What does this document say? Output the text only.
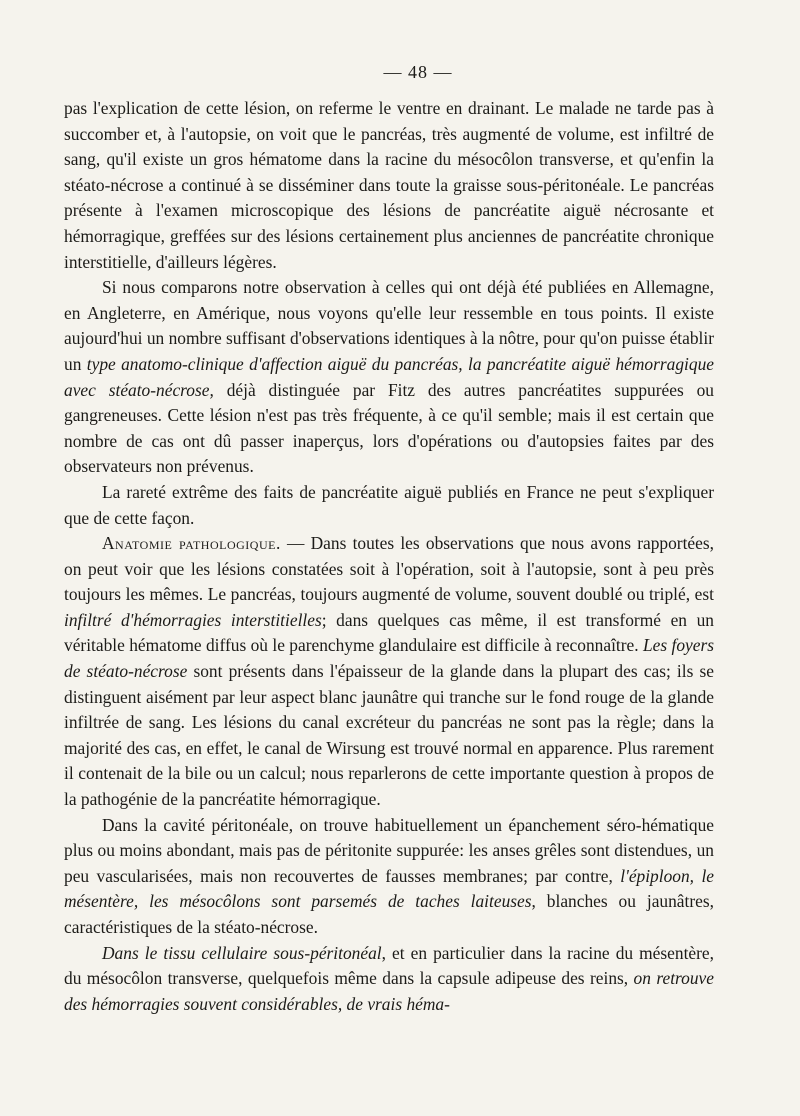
— 48 —

pas l'explication de cette lésion, on referme le ventre en drainant. Le malade ne tarde pas à succomber et, à l'autopsie, on voit que le pancréas, très augmenté de volume, est infiltré de sang, qu'il existe un gros hématome dans la racine du mésocôlon transverse, et qu'enfin la stéato-nécrose a continué à se disséminer dans toute la graisse sous-péritonéale. Le pancréas présente à l'examen microscopique des lésions de pancréatite aiguë nécrosante et hémorragique, greffées sur des lésions certainement plus anciennes de pancréatite chronique interstitielle, d'ailleurs légères.

Si nous comparons notre observation à celles qui ont déjà été publiées en Allemagne, en Angleterre, en Amérique, nous voyons qu'elle leur ressemble en tous points. Il existe aujourd'hui un nombre suffisant d'observations identiques à la nôtre, pour qu'on puisse établir un type anatomo-clinique d'affection aiguë du pancréas, la pancréatite aiguë hémorragique avec stéato-nécrose, déjà distinguée par Fitz des autres pancréatites suppurées ou gangreneuses. Cette lésion n'est pas très fréquente, à ce qu'il semble; mais il est certain que nombre de cas ont dû passer inaperçus, lors d'opérations ou d'autopsies faites par des observateurs non prévenus.

La rareté extrême des faits de pancréatite aiguë publiés en France ne peut s'expliquer que de cette façon.

Anatomie pathologique. — Dans toutes les observations que nous avons rapportées, on peut voir que les lésions constatées soit à l'opération, soit à l'autopsie, sont à peu près toujours les mêmes. Le pancréas, toujours augmenté de volume, souvent doublé ou triplé, est infiltré d'hémorragies interstitielles; dans quelques cas même, il est transformé en un véritable hématome diffus où le parenchyme glandulaire est difficile à reconnaître. Les foyers de stéato-nécrose sont présents dans l'épaisseur de la glande dans la plupart des cas; ils se distinguent aisément par leur aspect blanc jaunâtre qui tranche sur le fond rouge de la glande infiltrée de sang. Les lésions du canal excréteur du pancréas ne sont pas la règle; dans la majorité des cas, en effet, le canal de Wirsung est trouvé normal en apparence. Plus rarement il contenait de la bile ou un calcul; nous reparlerons de cette importante question à propos de la pathogénie de la pancréatite hémorragique.

Dans la cavité péritonéale, on trouve habituellement un épanchement séro-hématique plus ou moins abondant, mais pas de péritonite suppurée: les anses grêles sont distendues, un peu vascularisées, mais non recouvertes de fausses membranes; par contre, l'épiploon, le mésentère, les mésocôlons sont parsemés de taches laiteuses, blanches ou jaunâtres, caractéristiques de la stéato-nécrose.

Dans le tissu cellulaire sous-péritonéal, et en particulier dans la racine du mésentère, du mésocôlon transverse, quelquefois même dans la capsule adipeuse des reins, on retrouve des hémorragies souvent considérables, de vrais héma-
